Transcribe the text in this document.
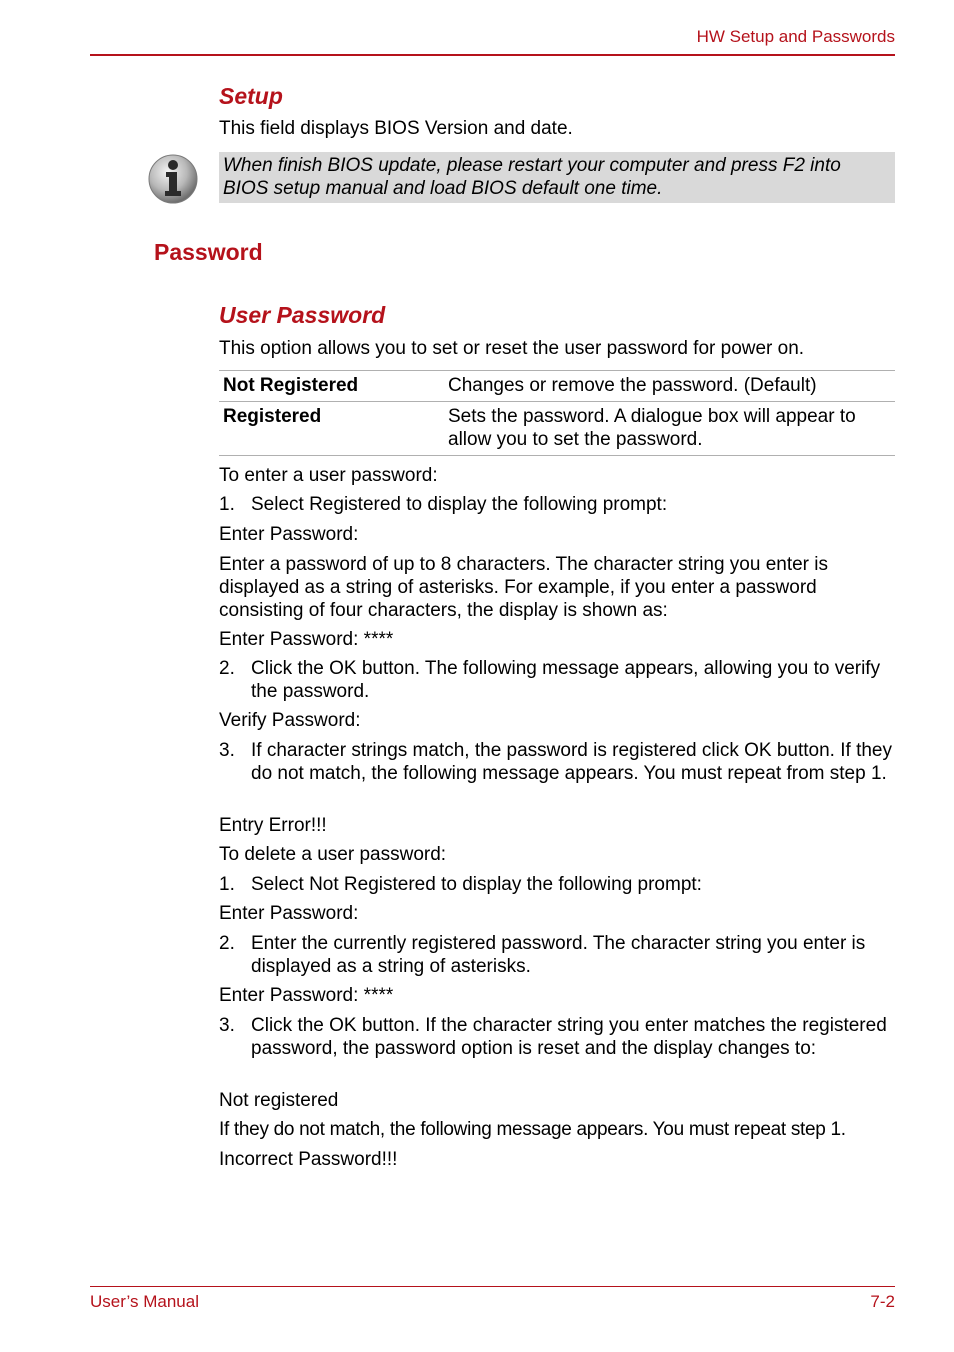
HW Setup and Passwords
Setup
This field displays BIOS Version and date.
When finish BIOS update, please restart your computer and press F2 into BIOS setup manual and load BIOS default one time.
Password
User Password
This option allows you to set or reset the user password for power on.
Not Registered	Changes or remove the password. (Default)
Registered	Sets the password. A dialogue box will appear to allow you to set the password.
To enter a user password:
1. Select Registered to display the following prompt:
Enter Password:
Enter a password of up to 8 characters. The character string you enter is displayed as a string of asterisks. For example, if you enter a password consisting of four characters, the display is shown as:
Enter Password: ****
2. Click the OK button. The following message appears, allowing you to verify the password.
Verify Password:
3. If character strings match, the password is registered click OK button. If they do not match, the following message appears. You must repeat from step 1.
Entry Error!!!
To delete a user password:
1. Select Not Registered to display the following prompt:
Enter Password:
2. Enter the currently registered password. The character string you enter is displayed as a string of asterisks.
Enter Password: ****
3. Click the OK button. If the character string you enter matches the registered password, the password option is reset and the display changes to:
Not registered
If they do not match, the following message appears. You must repeat step 1.
Incorrect Password!!!
User’s Manual	7-2
